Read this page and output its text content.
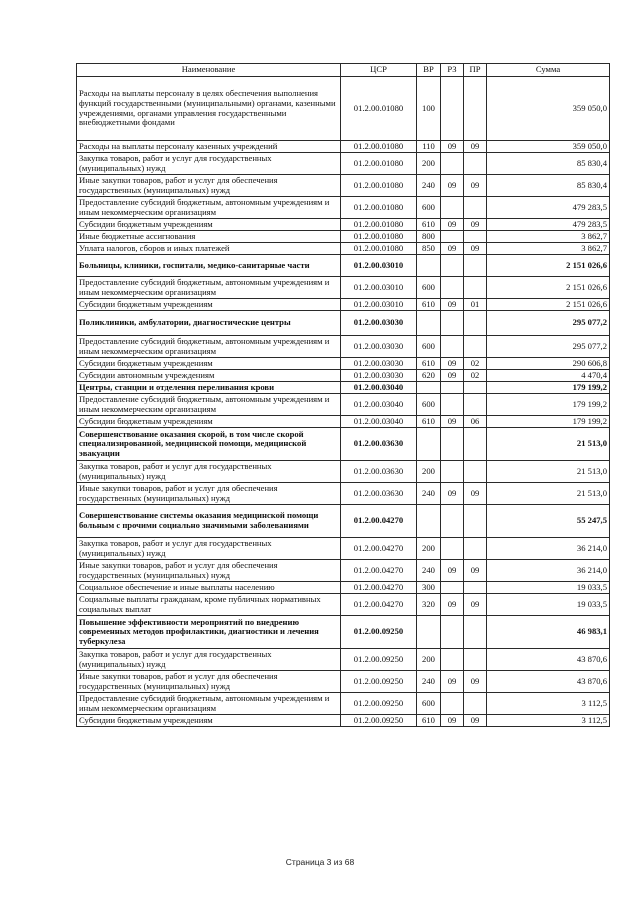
Наименование	ЦСР	ВР	РЗ	ПР	Сумма
Расходы на выплаты персоналу в целях обеспечения выполнения функций государственными (муниципальными) органами, казенными учреждениями, органами управления государственными внебюджетными фондами	01.2.00.01080	100			359 050,0
Расходы на выплаты персоналу казенных учреждений	01.2.00.01080	110	09	09	359 050,0
Закупка товаров, работ и услуг для государственных (муниципальных) нужд	01.2.00.01080	200			85 830,4
Иные закупки товаров, работ и услуг для обеспечения государственных (муниципальных) нужд	01.2.00.01080	240	09	09	85 830,4
Предоставление субсидий бюджетным, автономным учреждениям и иным некоммерческим организациям	01.2.00.01080	600			479 283,5
Субсидии бюджетным учреждениям	01.2.00.01080	610	09	09	479 283,5
Иные бюджетные ассигнования	01.2.00.01080	800			3 862,7
Уплата налогов, сборов и иных платежей	01.2.00.01080	850	09	09	3 862,7
Больницы, клиники, госпитали, медико-санитарные части	01.2.00.03010				2 151 026,6
Предоставление субсидий бюджетным, автономным учреждениям и иным некоммерческим организациям	01.2.00.03010	600			2 151 026,6
Субсидии бюджетным учреждениям	01.2.00.03010	610	09	01	2 151 026,6
Поликлиники, амбулатории, диагностические центры	01.2.00.03030				295 077,2
Предоставление субсидий бюджетным, автономным учреждениям и иным некоммерческим организациям	01.2.00.03030	600			295 077,2
Субсидии бюджетным учреждениям	01.2.00.03030	610	09	02	290 606,8
Субсидии автономным учреждениям	01.2.00.03030	620	09	02	4 470,4
Центры, станции и отделения переливания крови	01.2.00.03040				179 199,2
Предоставление субсидий бюджетным, автономным учреждениям и иным некоммерческим организациям	01.2.00.03040	600			179 199,2
Субсидии бюджетным учреждениям	01.2.00.03040	610	09	06	179 199,2
Совершенствование оказания скорой, в том числе скорой специализированной, медицинской помощи, медицинской эвакуации	01.2.00.03630				21 513,0
Закупка товаров, работ и услуг для государственных (муниципальных) нужд	01.2.00.03630	200			21 513,0
Иные закупки товаров, работ и услуг для обеспечения государственных (муниципальных) нужд	01.2.00.03630	240	09	09	21 513,0
Совершенствование системы оказания медицинской помощи больным с прочими социально значимыми заболеваниями	01.2.00.04270				55 247,5
Закупка товаров, работ и услуг для государственных (муниципальных) нужд	01.2.00.04270	200			36 214,0
Иные закупки товаров, работ и услуг для обеспечения государственных (муниципальных) нужд	01.2.00.04270	240	09	09	36 214,0
Социальное обеспечение и иные выплаты населению	01.2.00.04270	300			19 033,5
Социальные выплаты гражданам, кроме публичных нормативных социальных выплат	01.2.00.04270	320	09	09	19 033,5
Повышение эффективности мероприятий по внедрению современных методов профилактики, диагностики и лечения туберкулеза	01.2.00.09250				46 983,1
Закупка товаров, работ и услуг для государственных (муниципальных) нужд	01.2.00.09250	200			43 870,6
Иные закупки товаров, работ и услуг для обеспечения государственных (муниципальных) нужд	01.2.00.09250	240	09	09	43 870,6
Предоставление субсидий бюджетным, автономным учреждениям и иным некоммерческим организациям	01.2.00.09250	600			3 112,5
Субсидии бюджетным учреждениям	01.2.00.09250	610	09	09	3 112,5
Страница 3 из 68
